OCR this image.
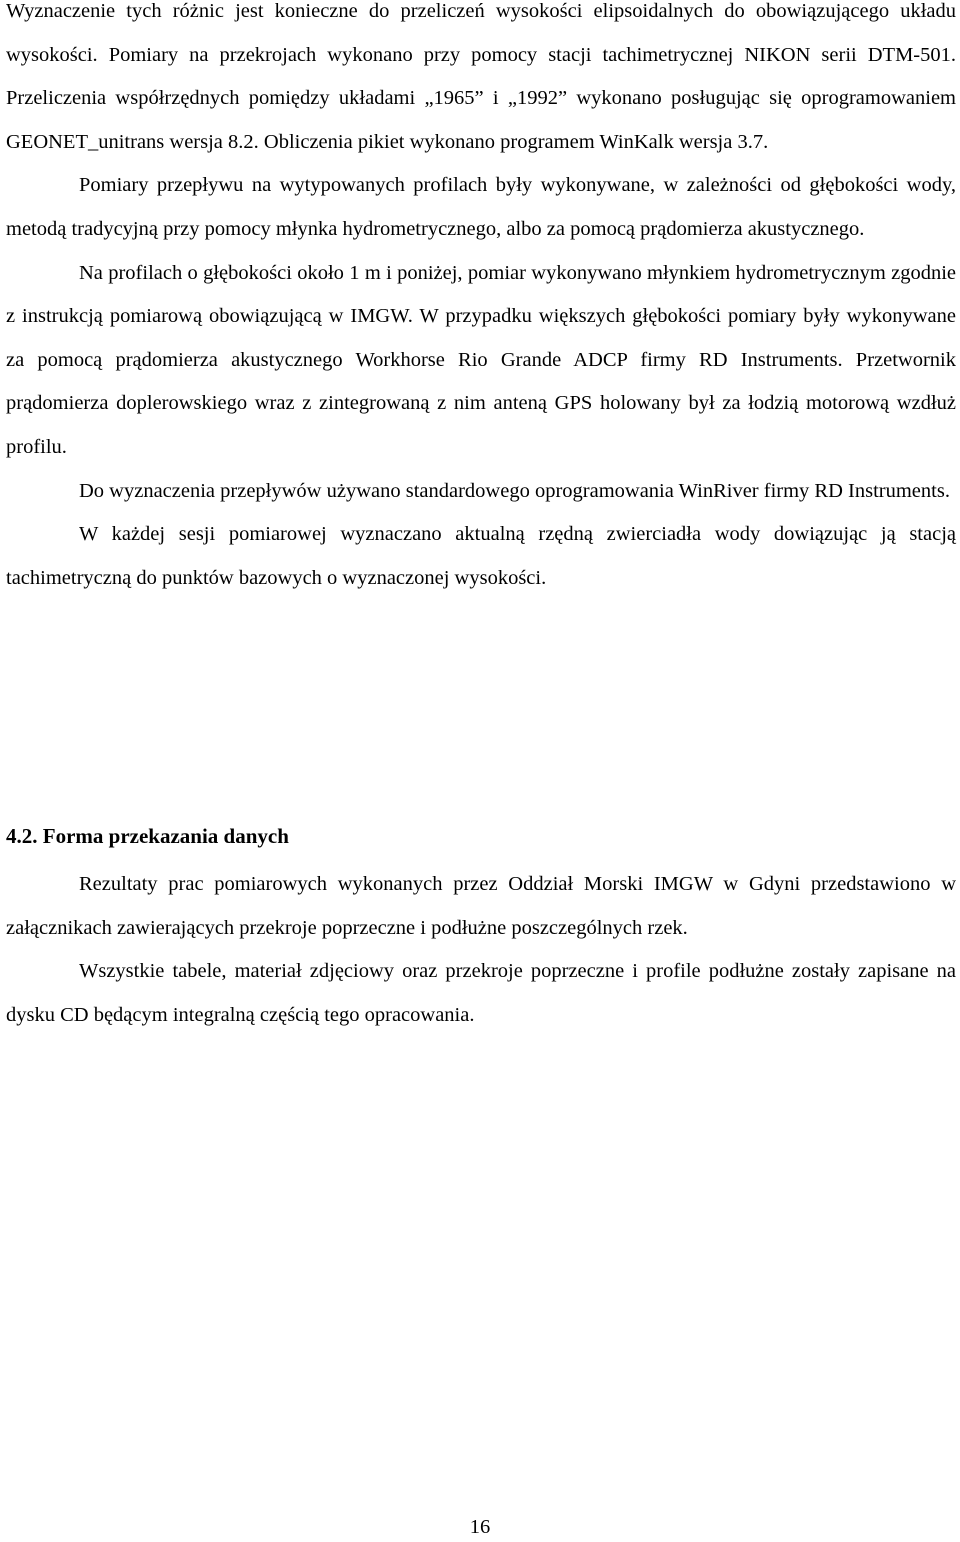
Wyznaczenie tych różnic jest konieczne do przeliczeń wysokości elipsoidalnych do obowiązującego układu wysokości. Pomiary na przekrojach wykonano przy pomocy stacji tachimetrycznej NIKON serii DTM-501. Przeliczenia współrzędnych pomiędzy układami „1965” i „1992” wykonano posługując się oprogramowaniem GEONET_unitrans wersja 8.2. Obliczenia pikiet wykonano programem WinKalk wersja 3.7.

Pomiary przepływu na wytypowanych profilach były wykonywane, w zależności od głębokości wody, metodą tradycyjną przy pomocy młynka hydrometrycznego, albo za pomocą prądomierza akustycznego.

Na profilach o głębokości około 1 m i poniżej, pomiar wykonywano młynkiem hydrometrycznym zgodnie z instrukcją pomiarową obowiązującą w IMGW. W przypadku większych głębokości pomiary były wykonywane za pomocą prądomierza akustycznego Workhorse Rio Grande ADCP firmy RD Instruments. Przetwornik prądomierza doplerowskiego wraz z zintegrowaną z nim anteną GPS holowany był za łodzią motorową wzdłuż profilu.

Do wyznaczenia przepływów używano standardowego oprogramowania WinRiver firmy RD Instruments.

W każdej sesji pomiarowej wyznaczano aktualną rzędną zwierciadła wody dowiązując ją stacją tachimetryczną do punktów bazowych o wyznaczonej wysokości.

4.2. Forma przekazania danych

Rezultaty prac pomiarowych wykonanych przez Oddział Morski IMGW w Gdyni przedstawiono w załącznikach zawierających przekroje poprzeczne i podłużne poszczególnych rzek.

Wszystkie tabele, materiał zdjęciowy oraz przekroje poprzeczne i profile podłużne zostały zapisane na dysku CD będącym integralną częścią tego opracowania.

16
